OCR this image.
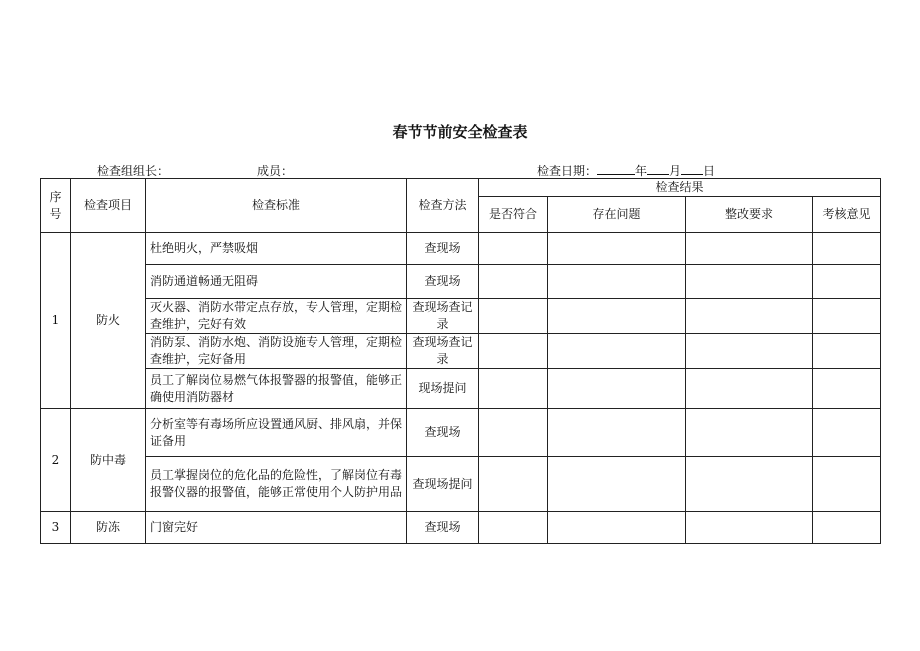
春节节前安全检查表
检查组组长：	成员：	检查日期：	年 月 日
序号	检查项目	检查标准	检查方法	检查结果			
				是否符合	存在问题	整改要求	考核意见
1	防火	杜绝明火，严禁吸烟	查现场				
		消防通道畅通无阻碍	查现场				
		灭火器、消防水带定点存放，专人管理，定期检查维护，完好有效	查现场查记录				
		消防泵、消防水炮、消防设施专人管理，定期检查维护，完好备用	查现场查记录				
		员工了解岗位易燃气体报警器的报警值，能够正确使用消防器材	现场提问				
2	防中毒	分析室等有毒场所应设置通风厨、排风扇，并保证备用	查现场				
		员工掌握岗位的危化品的危险性，了解岗位有毒报警仪器的报警值，能够正常使用个人防护用品	查现场提问				
3	防冻	门窗完好	查现场				
